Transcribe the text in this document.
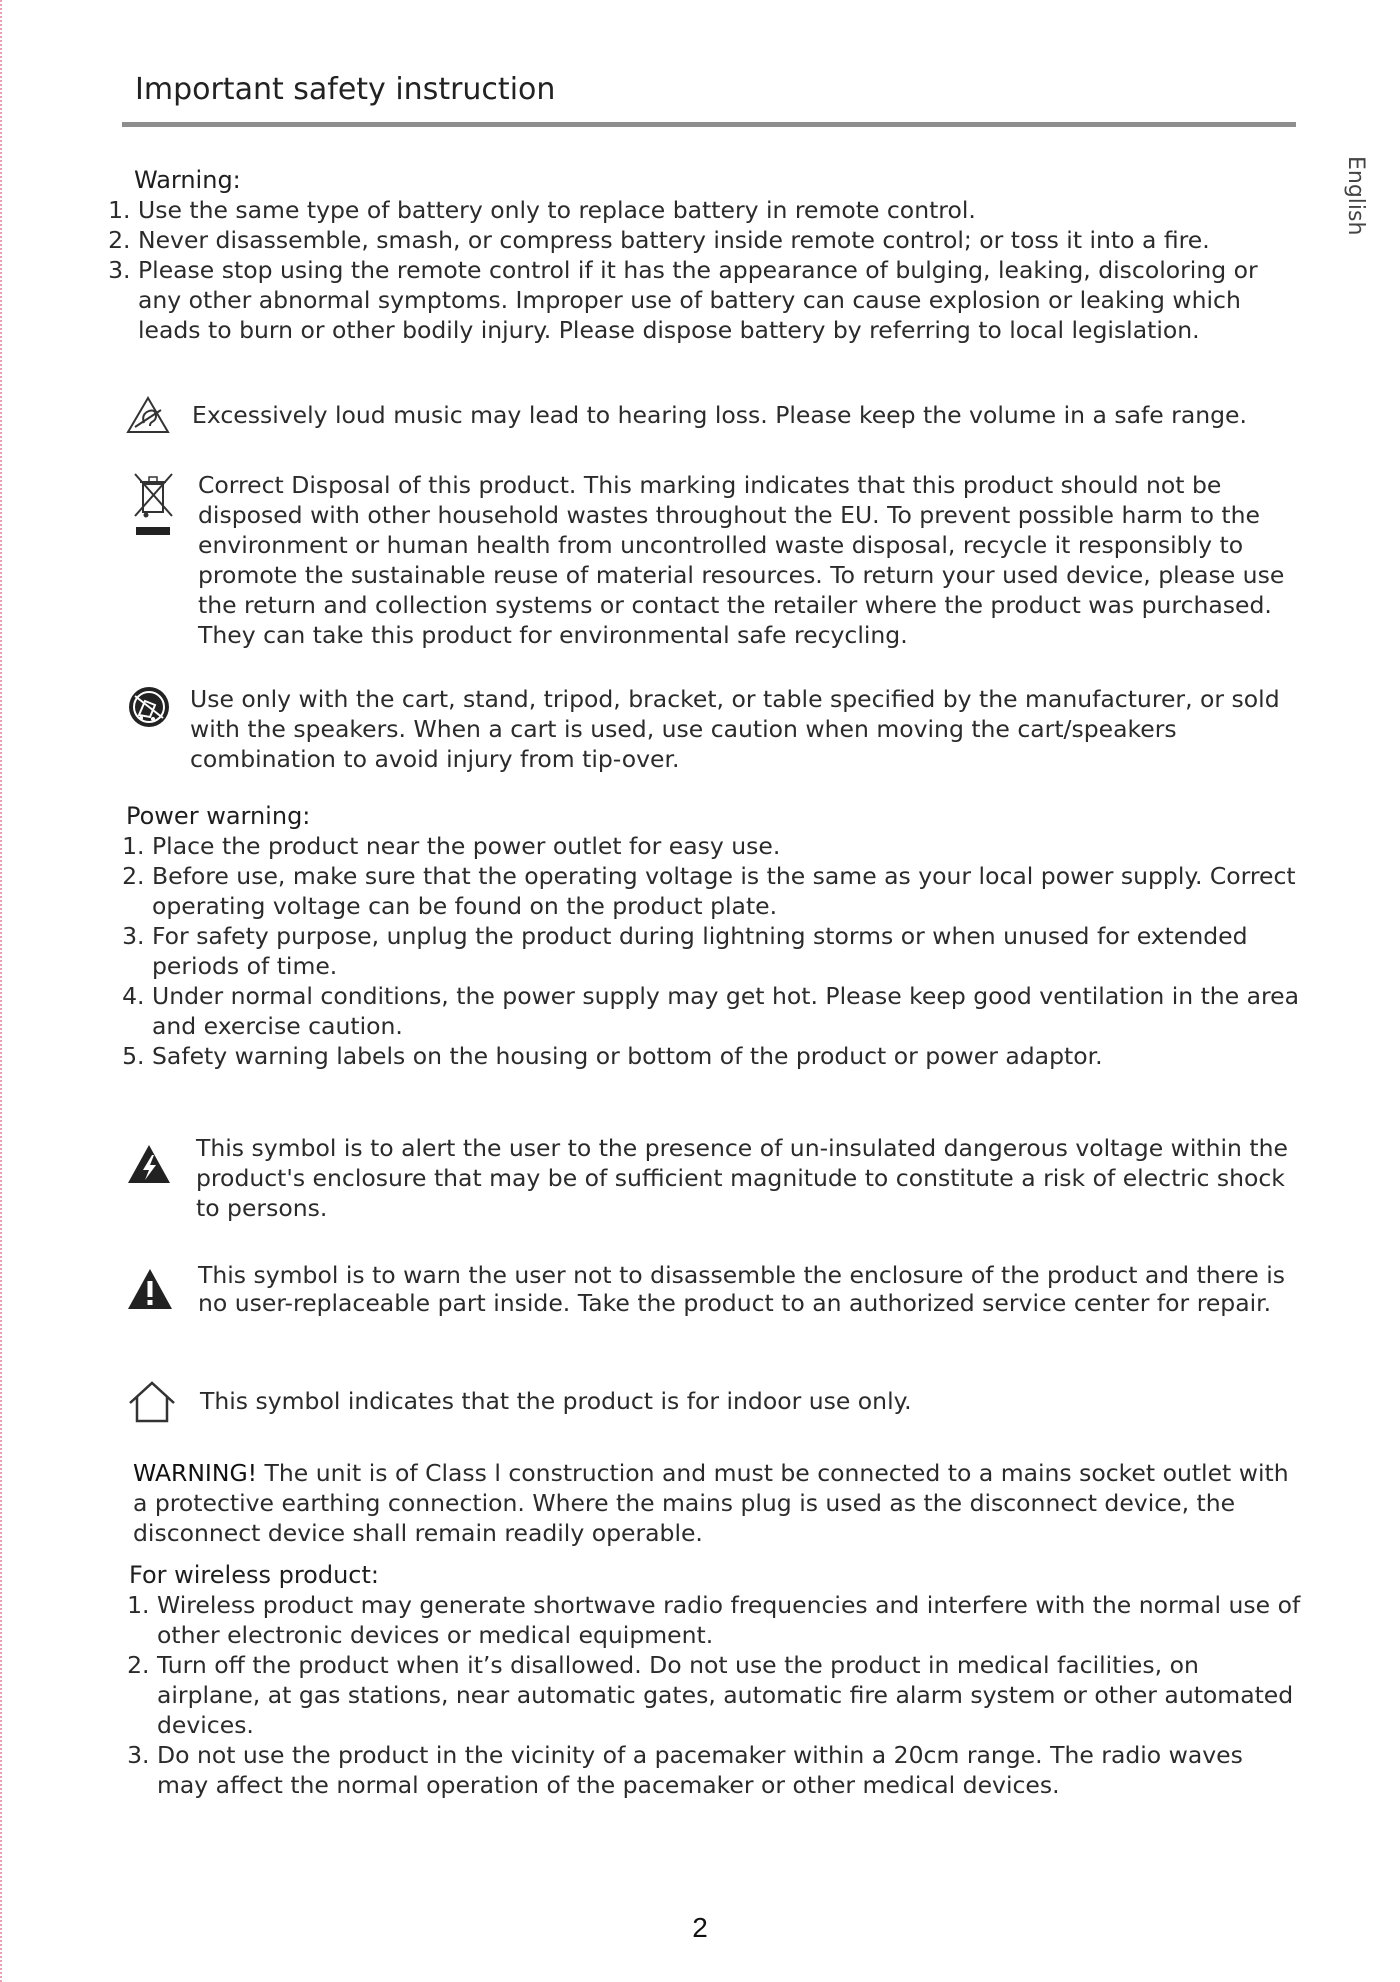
Important safety instruction
English

Warning:

1. Use the same type of battery only to replace battery in remote control.
2. Never disassemble, smash, or compress battery inside remote control; or toss it into a fire.
3. Please stop using the remote control if it has the appearance of bulging, leaking, discoloring or any other abnormal symptoms. Improper use of battery can cause explosion or leaking which leads to burn or other bodily injury. Please dispose battery by referring to local legislation.
Excessively loud music may lead to hearing loss. Please keep the volume in a safe range.
Correct Disposal of this product. This marking indicates that this product should not be disposed with other household wastes throughout the EU. To prevent possible harm to the environment or human health from uncontrolled waste disposal, recycle it responsibly to promote the sustainable reuse of material resources. To return your used device, please use the return and collection systems or contact the retailer where the product was purchased. They can take this product for environmental safe recycling.
Use only with the cart, stand, tripod, bracket, or table specified by the manufacturer, or sold with the speakers. When a cart is used, use caution when moving the cart/speakers combination to avoid injury from tip-over.

Power warning:

1. Place the product near the power outlet for easy use.
2. Before use, make sure that the operating voltage is the same as your local power supply. Correct operating voltage can be found on the product plate.
3. For safety purpose, unplug the product during lightning storms or when unused for extended periods of time.
4. Under normal conditions, the power supply may get hot. Please keep good ventilation in the area and exercise caution.
5. Safety warning labels on the housing or bottom of the product or power adaptor.
This symbol is to alert the user to the presence of un-insulated dangerous voltage within the product's enclosure that may be of sufficient magnitude to constitute a risk of electric shock to persons.
This symbol is to warn the user not to disassemble the enclosure of the product and there is no user-replaceable part inside. Take the product to an authorized service center for repair.
This symbol indicates that the product is for indoor use only.

WARNING! The unit is of Class l construction and must be connected to a mains socket outlet with a protective earthing connection. Where the mains plug is used as the disconnect device, the disconnect device shall remain readily operable.

For wireless product:

1. Wireless product may generate shortwave radio frequencies and interfere with the normal use of other electronic devices or medical equipment.
2. Turn off the product when it’s disallowed. Do not use the product in medical facilities, on airplane, at gas stations, near automatic gates, automatic fire alarm system or other automated devices.
3. Do not use the product in the vicinity of a pacemaker within a 20cm range. The radio waves may affect the normal operation of the pacemaker or other medical devices.
2
